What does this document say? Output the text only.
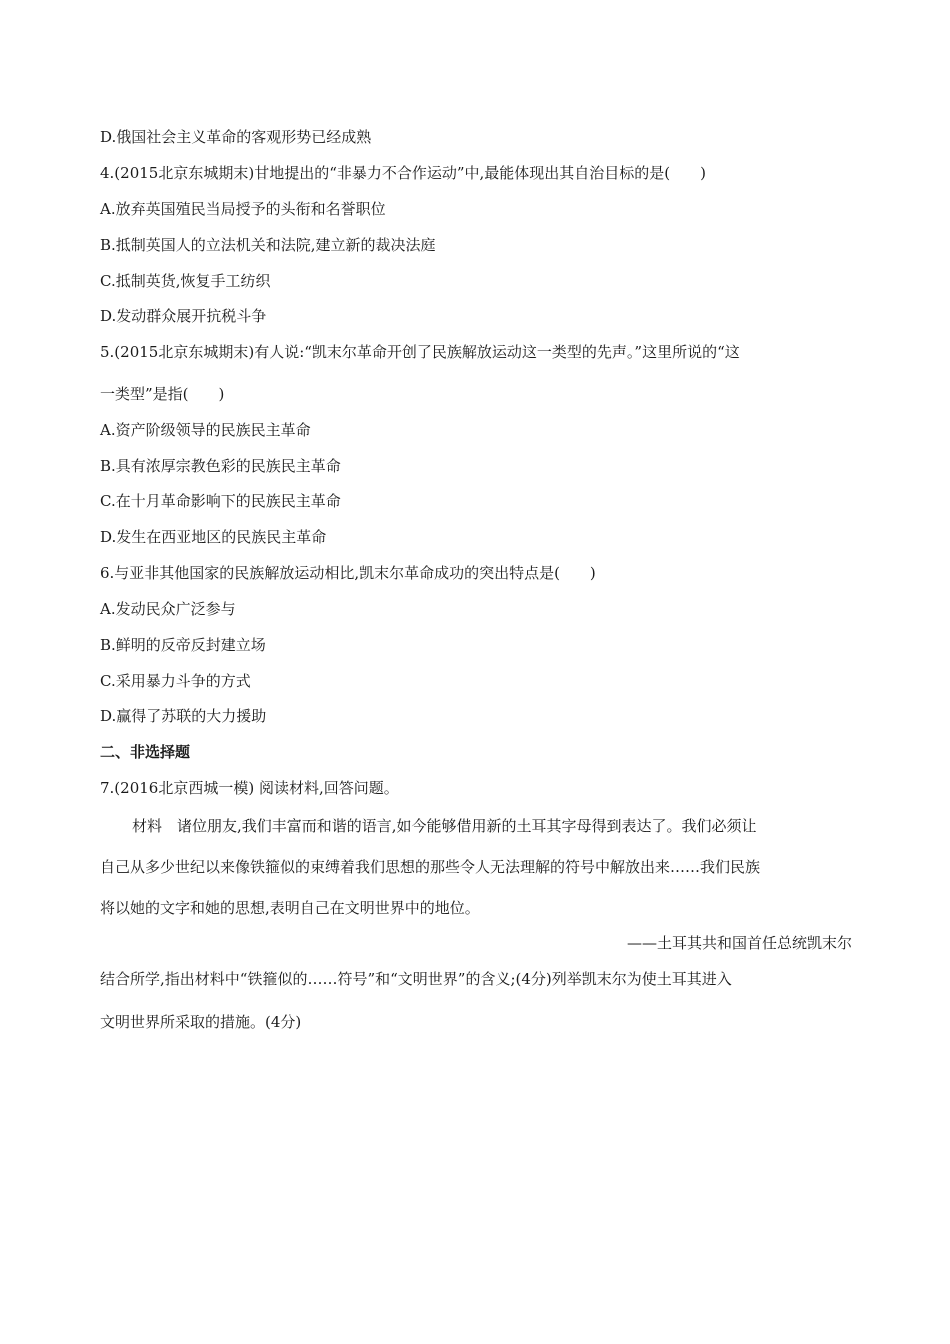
D.俄国社会主义革命的客观形势已经成熟
4.(2015北京东城期末)甘地提出的“非暴力不合作运动”中,最能体现出其自治目标的是(　　)
A.放弃英国殖民当局授予的头衔和名誉职位
B.抵制英国人的立法机关和法院,建立新的裁决法庭
C.抵制英货,恢复手工纺织
D.发动群众展开抗税斗争
5.(2015北京东城期末)有人说:“凯末尔革命开创了民族解放运动这一类型的先声。”这里所说的“这
一类型”是指(　　)
A.资产阶级领导的民族民主革命
B.具有浓厚宗教色彩的民族民主革命
C.在十月革命影响下的民族民主革命
D.发生在西亚地区的民族民主革命
6.与亚非其他国家的民族解放运动相比,凯末尔革命成功的突出特点是(　　)
A.发动民众广泛参与
B.鲜明的反帝反封建立场
C.采用暴力斗争的方式
D.赢得了苏联的大力援助
二、非选择题
7.(2016北京西城一模) 阅读材料,回答问题。
材料　诸位朋友,我们丰富而和谐的语言,如今能够借用新的土耳其字母得到表达了。我们必须让
自己从多少世纪以来像铁箍似的束缚着我们思想的那些令人无法理解的符号中解放出来……我们民族
将以她的文字和她的思想,表明自己在文明世界中的地位。
——土耳其共和国首任总统凯末尔
结合所学,指出材料中“铁箍似的……符号”和“文明世界”的含义;(4分)列举凯末尔为使土耳其进入
文明世界所采取的措施。(4分)
